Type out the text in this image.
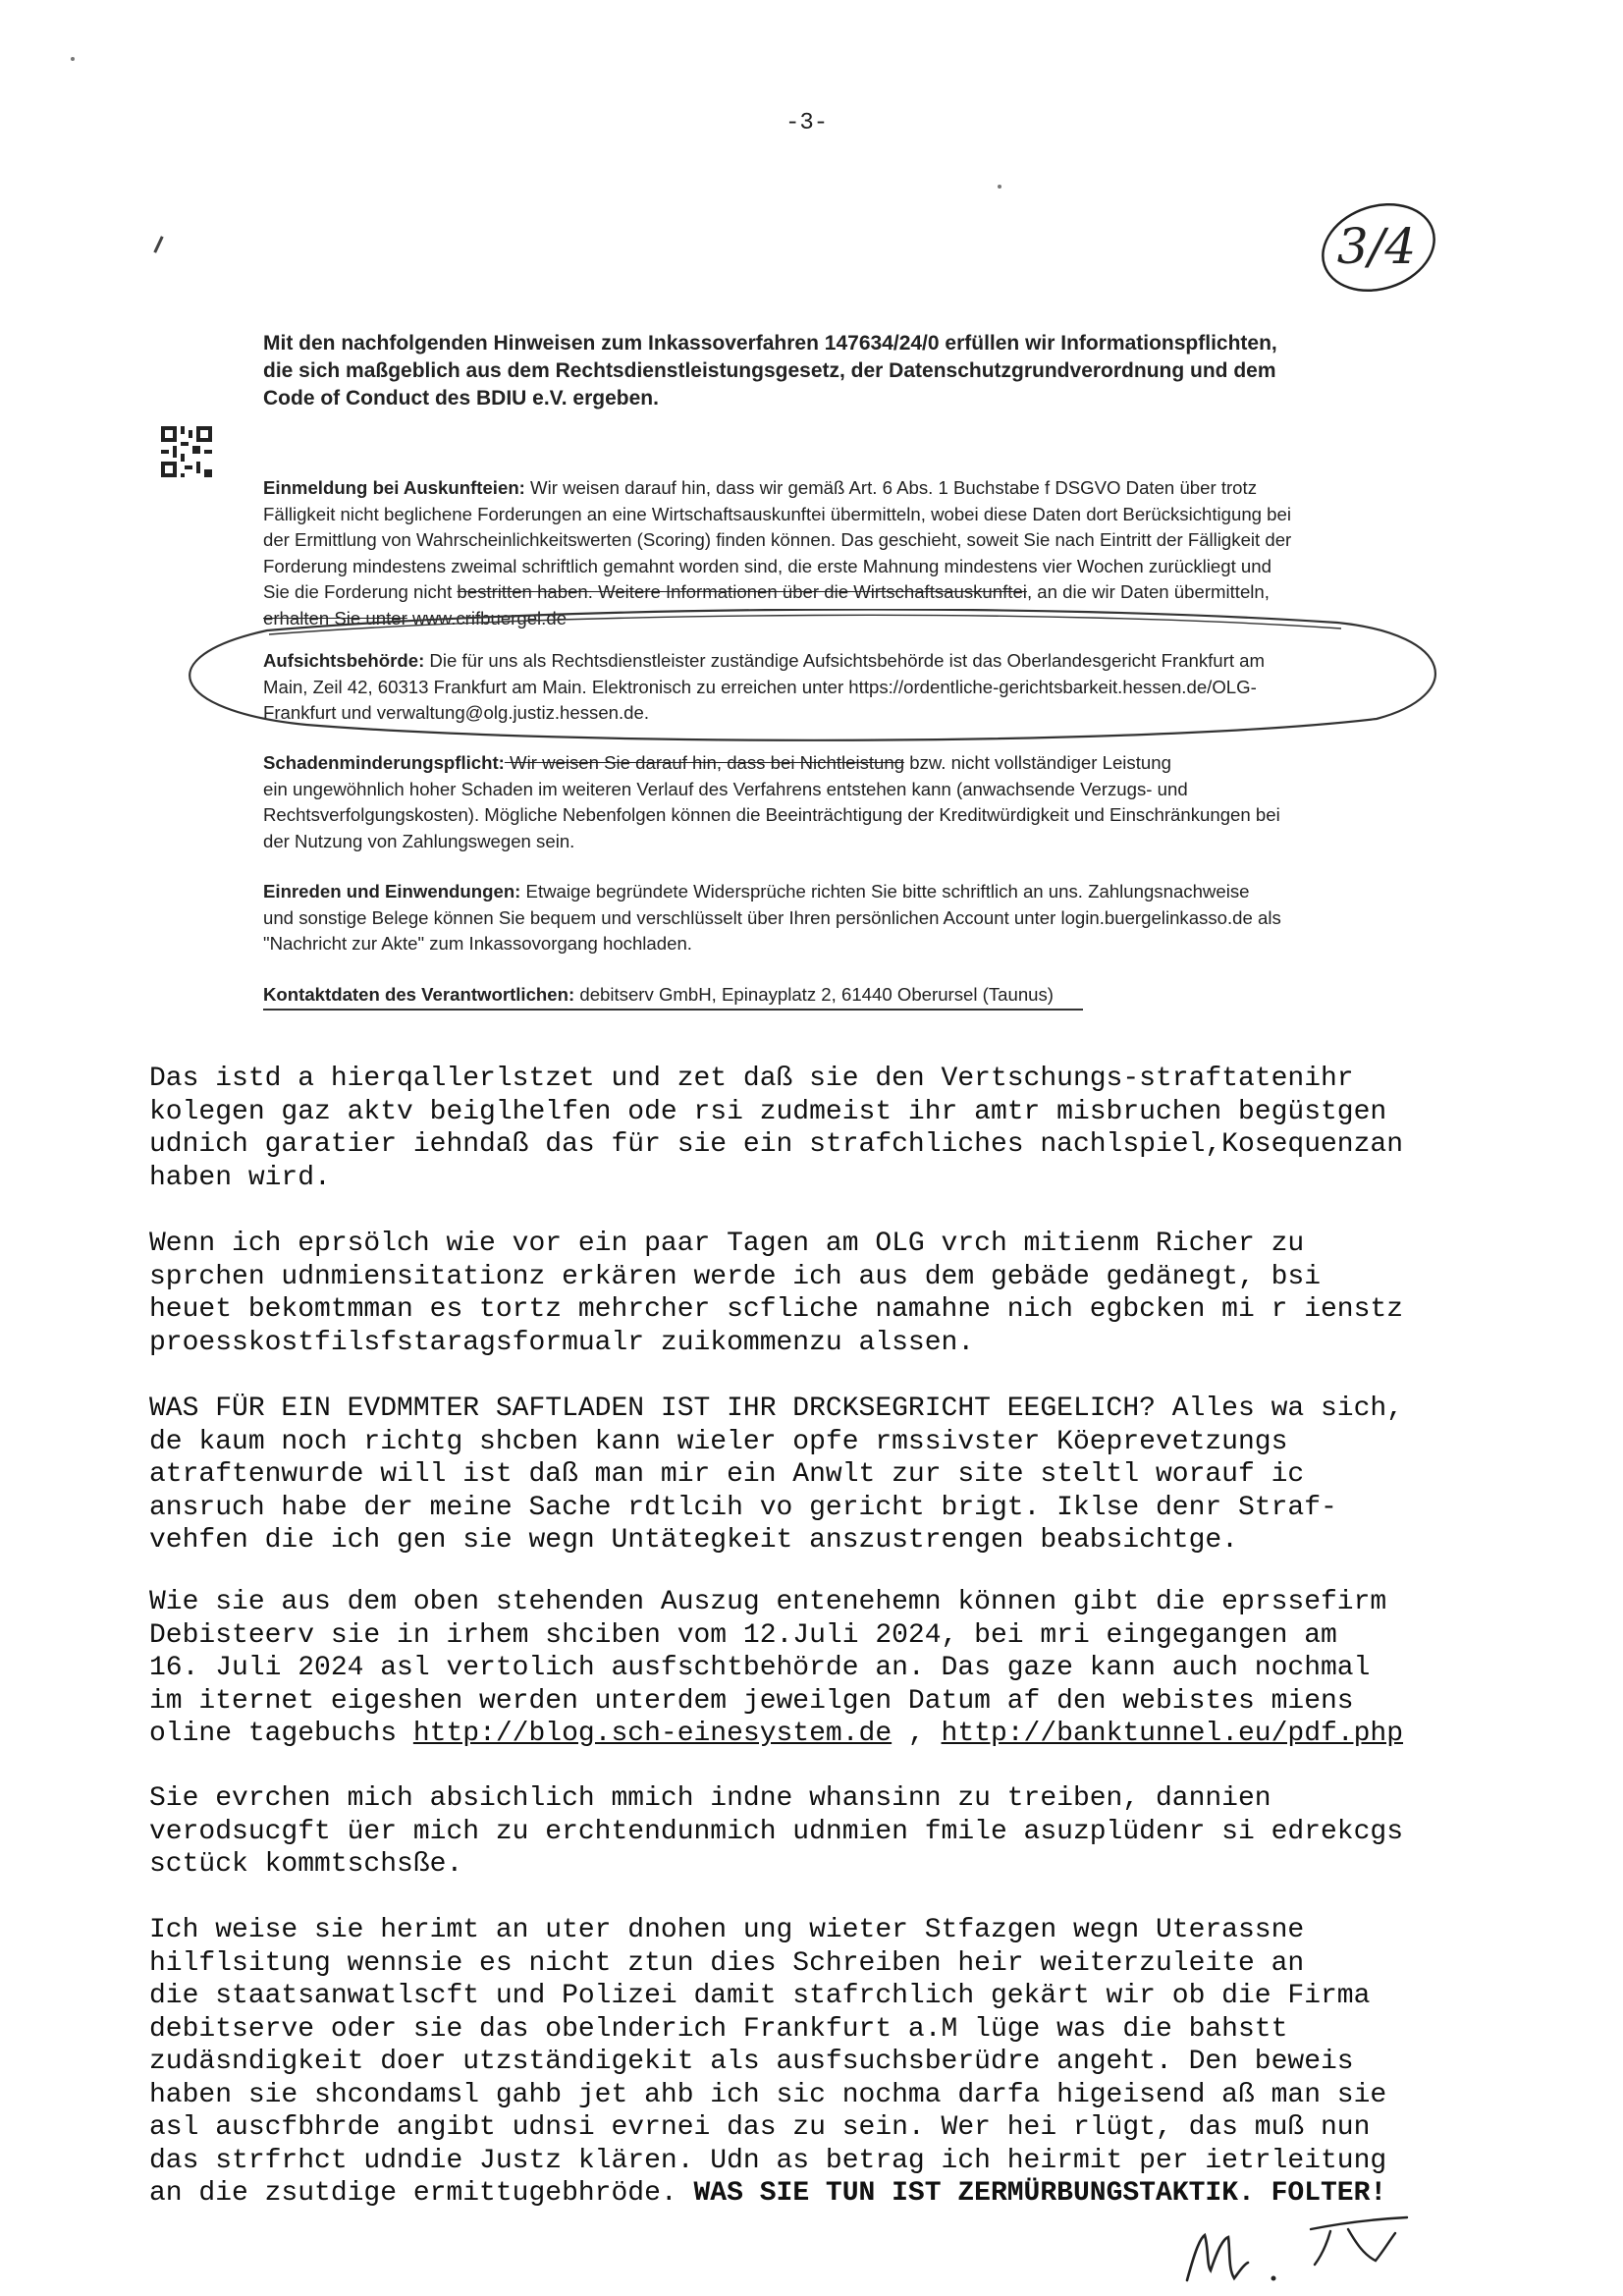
-3-
3/4
Mit den nachfolgenden Hinweisen zum Inkassoverfahren 147634/24/0 erfüllen wir Informationspflichten,
die sich maßgeblich aus dem Rechtsdienstleistungsgesetz, der Datenschutzgrundverordnung und dem
Code of Conduct des BDIU e.V. ergeben.
Einmeldung bei Auskunfteien: Wir weisen darauf hin, dass wir gemäß Art. 6 Abs. 1 Buchstabe f DSGVO Daten über trotz
Fälligkeit nicht beglichene Forderungen an eine Wirtschaftsauskunftei übermitteln, wobei diese Daten dort Berücksichtigung bei
der Ermittlung von Wahrscheinlichkeitswerten (Scoring) finden können. Das geschieht, soweit Sie nach Eintritt der Fälligkeit der
Forderung mindestens zweimal schriftlich gemahnt worden sind, die erste Mahnung mindestens vier Wochen zurückliegt und
Sie die Forderung nicht bestritten haben. Weitere Informationen über die Wirtschaftsauskunftei, an die wir Daten übermitteln,
erhalten Sie unter www.crifbuergel.de
Aufsichtsbehörde: Die für uns als Rechtsdienstleister zuständige Aufsichtsbehörde ist das Oberlandesgericht Frankfurt am
Main, Zeil 42, 60313 Frankfurt am Main. Elektronisch zu erreichen unter https://ordentliche-gerichtsbarkeit.hessen.de/OLG-
Frankfurt und verwaltung@olg.justiz.hessen.de.
Schadenminderungspflicht: Wir weisen Sie darauf hin, dass bei Nichtleistung bzw. nicht vollständiger Leistung
ein ungewöhnlich hoher Schaden im weiteren Verlauf des Verfahrens entstehen kann (anwachsende Verzugs- und
Rechtsverfolgungskosten). Mögliche Nebenfolgen können die Beeinträchtigung der Kreditwürdigkeit und Einschränkungen bei
der Nutzung von Zahlungswegen sein.
Einreden und Einwendungen: Etwaige begründete Widersprüche richten Sie bitte schriftlich an uns. Zahlungsnachweise
und sonstige Belege können Sie bequem und verschlüsselt über Ihren persönlichen Account unter login.buergelinkasso.de als
"Nachricht zur Akte" zum Inkassovorgang hochladen.
Kontaktdaten des Verantwortlichen: debitserv GmbH, Epinayplatz 2, 61440 Oberursel (Taunus)
Das istd a hierqallerlstzet und zet daß sie den Vertschungs-straftatenihr
kolegen gaz aktv beiglhelfen ode rsi zudmeist ihr amtr misbruchen begüstgen
udnich garatier iehndaß das für sie ein strafchliches nachlspiel,Kosequenzan
haben wird.
Wenn ich eprsölch wie vor ein paar Tagen am OLG vrch mitienm Richer zu
sprchen udnmiensitationz erkären werde ich aus dem gebäde gedänegt, bsi
heuet bekomtmman es tortz mehrcher scfliche namahne nich egbcken mi r ienstz
proesskostfilsfstaragsformualr zuikommenzu alssen.
WAS FÜR EIN EVDMMTER SAFTLADEN IST IHR DRCKSEGRICHT EEGELICH? Alles wa sich,
de kaum noch richtg shcben kann wieler opfe rmssivster Köeprevetzungs
atraftenwurde will ist daß man mir ein Anwlt zur site steltl worauf ic
ansruch habe der meine Sache rdtlcih vo gericht brigt. Iklse denr Straf-
vehfen die ich gen sie wegn Untätegkeit anszustrengen beabsichtge.
Wie sie aus dem oben stehenden Auszug entenehemn können gibt die eprssefirm
Debisteerv sie in irhem shciben vom 12.Juli 2024, bei mri eingegangen am
16. Juli 2024 asl vertolich ausfschtbehörde an. Das gaze kann auch nochmal
im iternet eigeshen werden unterdem jeweilgen Datum af den webistes miens
oline tagebuchs http://blog.sch-einesystem.de , http://banktunnel.eu/pdf.php
Sie evrchen mich absichlich mmich indne whansinn zu treiben, dannien
verodsucgft üer mich zu erchtendunmich udnmien fmile asuzplüdenr si edrekcgs
sctück kommtschsße.
Ich weise sie herimt an uter dnohen ung wieter Stfazgen wegn Uterassne
hilflsitung wennsie es nicht ztun dies Schreiben heir weiterzuleite an
die staatsanwatlscft und Polizei damit stafrchlich gekärt wir ob die Firma
debitserve oder sie das obelnderich Frankfurt a.M lüge was die bahstt
zudäsndigkeit doer utzständigekit als ausfsuchsberüdre angeht. Den beweis
haben sie shcondamsl gahb jet ahb ich sic nochma darfa higeisend aß man sie
asl auscfbhrde angibt udnsi evrnei das zu sein. Wer hei rlügt, das muß nun
das strfrhct udndie Justz klären. Udn as betrag ich heirmit per ietrleitung
an die zsutdige ermittugebhröde. WAS SIE TUN IST ZERMÜRBUNGSTAKTIK. FOLTER!
